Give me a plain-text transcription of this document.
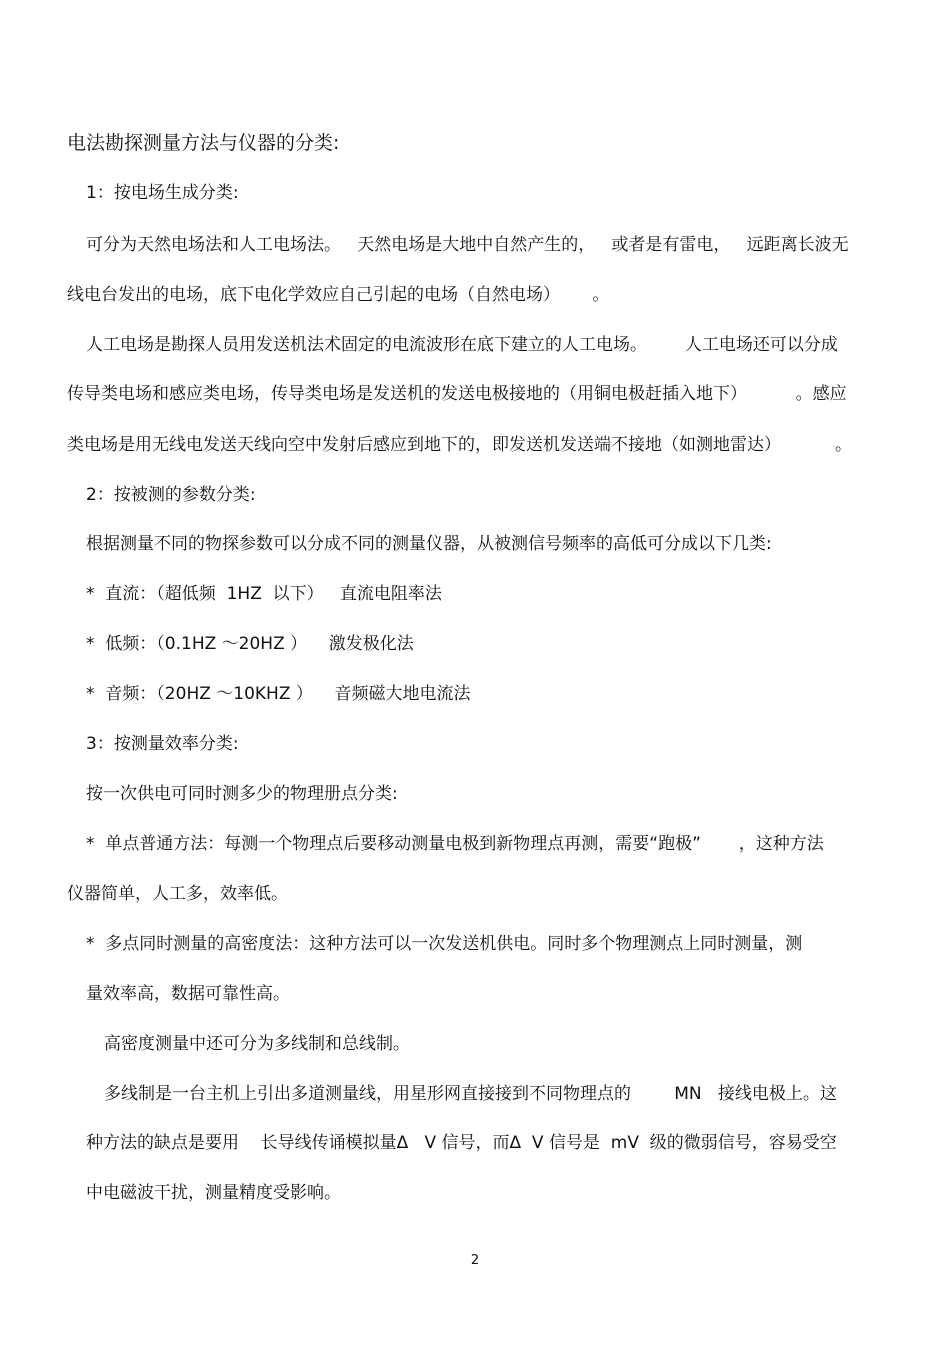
电法勘探测量方法与仪器的分类:
1：按电场生成分类:
可分为天然电场法和人工电场法。   天然电场是大地中自然产生的，   或者是有雷电，   远距离长波无
线电台发出的电场，底下电化学效应自己引起的电场（自然电场）      。
人工电场是勘探人员用发送机法术固定的电流波形在底下建立的人工电场。       人工电场还可以分成
传导类电场和感应类电场，传导类电场是发送机的发送电极接地的（用铜电极赶插入地下）         。感应
类电场是用无线电发送天线向空中发射后感应到地下的，即发送机发送端不接地（如测地雷达）          。
2：按被测的参数分类:
根据测量不同的物探参数可以分成不同的测量仪器，从被测信号频率的高低可分成以下几类:
*  直流：（超低频  1HZ  以下）   直流电阻率法
*  低频：（0.1HZ ～20HZ ）    激发极化法
*  音频：（20HZ ～10KHZ ）    音频磁大地电流法
3：按测量效率分类:
按一次供电可同时测多少的物理册点分类:
*  单点普通方法：每测一个物理点后要移动测量电极到新物理点再测，需要“跑极”       ，这种方法
仪器简单，人工多，效率低。
*  多点同时测量的高密度法：这种方法可以一次发送机供电。同时多个物理测点上同时测量，测
量效率高，数据可靠性高。
高密度测量中还可分为多线制和总线制。
多线制是一台主机上引出多道测量线，用星形网直接接到不同物理点的        MN   接线电极上。这
种方法的缺点是要用    长导线传诵模拟量Δ   V 信号，而Δ  V 信号是  mV  级的微弱信号，容易受空
中电磁波干扰，测量精度受影响。
2
